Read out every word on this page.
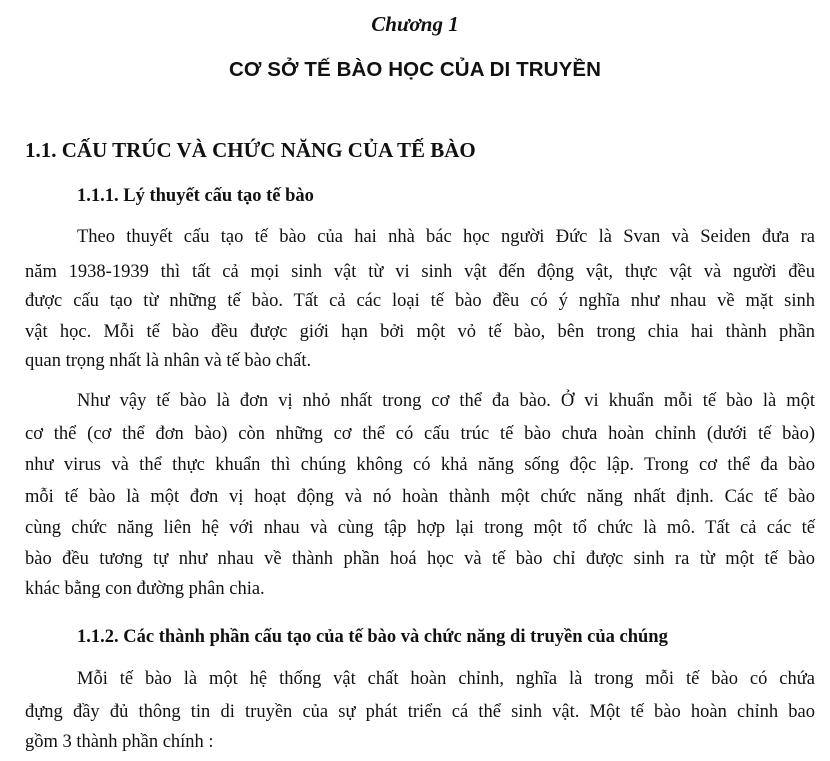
Chương 1
CƠ SỞ TẾ BÀO HỌC CỦA DI TRUYỀN
1.1. CẤU TRÚC VÀ CHỨC NĂNG CỦA TẾ BÀO
1.1.1. Lý thuyết cấu tạo tế bào
Theo thuyết cấu tạo tế bào của hai nhà bác học người Đức là Svan và Seiden đưa ra
năm 1938-1939 thì tất cả mọi sinh vật từ vi sinh vật đến động vật, thực vật và người đều
được cấu tạo từ những tế bào. Tất cả các loại tế bào đều có ý nghĩa như nhau về mặt sinh
vật học. Mỗi tế bào đều được giới hạn bởi một vỏ tế bào, bên trong chia hai thành phần
quan trọng nhất là nhân và tế bào chất.
Như vậy tế bào là đơn vị nhỏ nhất trong cơ thể đa bào. Ở vi khuẩn mỗi tế bào là một
cơ thể (cơ thể đơn bào) còn những cơ thể có cấu trúc tế bào chưa hoàn chỉnh (dưới tế bào)
như virus và thể thực khuẩn thì chúng không có khả năng sống độc lập. Trong cơ thể đa bào
mỗi tế bào là một đơn vị hoạt động và nó hoàn thành một chức năng nhất định. Các tế bào
cùng chức năng liên hệ với nhau và cùng tập hợp lại trong một tổ chức là mô. Tất cả các tế
bào đều tương tự như nhau về thành phần hoá học và tế bào chỉ được sinh ra từ một tế bào
khác bằng con đường phân chia.
1.1.2. Các thành phần cấu tạo của tế bào và chức năng di truyền của chúng
Mỗi tế bào là một hệ thống vật chất hoàn chỉnh, nghĩa là trong mỗi tế bào có chứa
đựng đầy đủ thông tin di truyền của sự phát triển cá thể sinh vật. Một tế bào hoàn chỉnh bao
gồm 3 thành phần chính :
